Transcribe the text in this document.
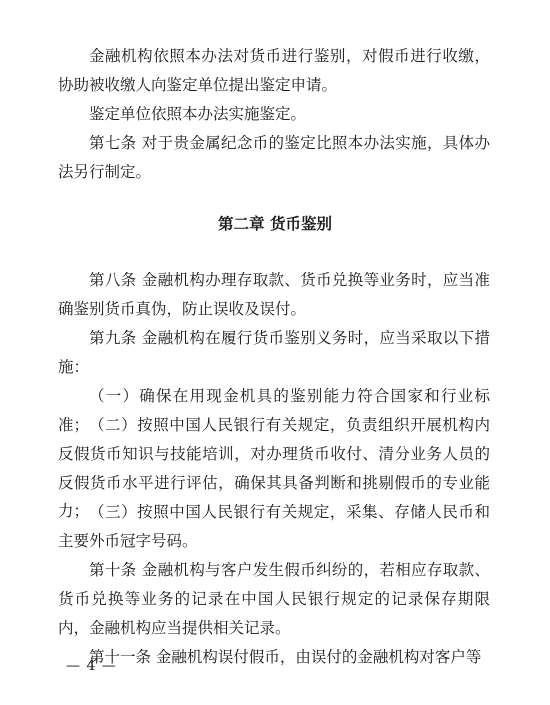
金融机构依照本办法对货币进行鉴别，对假币进行收缴，协助被收缴人向鉴定单位提出鉴定申请。

鉴定单位依照本办法实施鉴定。

第七条 对于贵金属纪念币的鉴定比照本办法实施，具体办法另行制定。

第二章 货币鉴别

第八条 金融机构办理存取款、货币兑换等业务时，应当准确鉴别货币真伪，防止误收及误付。

第九条 金融机构在履行货币鉴别义务时，应当采取以下措施：

（一）确保在用现金机具的鉴别能力符合国家和行业标准； （二）按照中国人民银行有关规定，负责组织开展机构内反假货币知识与技能培训，对办理货币收付、清分业务人员的反假货币水平进行评估，确保其具备判断和挑剔假币的专业能力； （三）按照中国人民银行有关规定，采集、存储人民币和主要外币冠字号码。

第十条 金融机构与客户发生假币纠纷的，若相应存取款、货币兑换等业务的记录在中国人民银行规定的记录保存期限内，金融机构应当提供相关记录。

第十一条 金融机构误付假币，由误付的金融机构对客户等

— 4 —
